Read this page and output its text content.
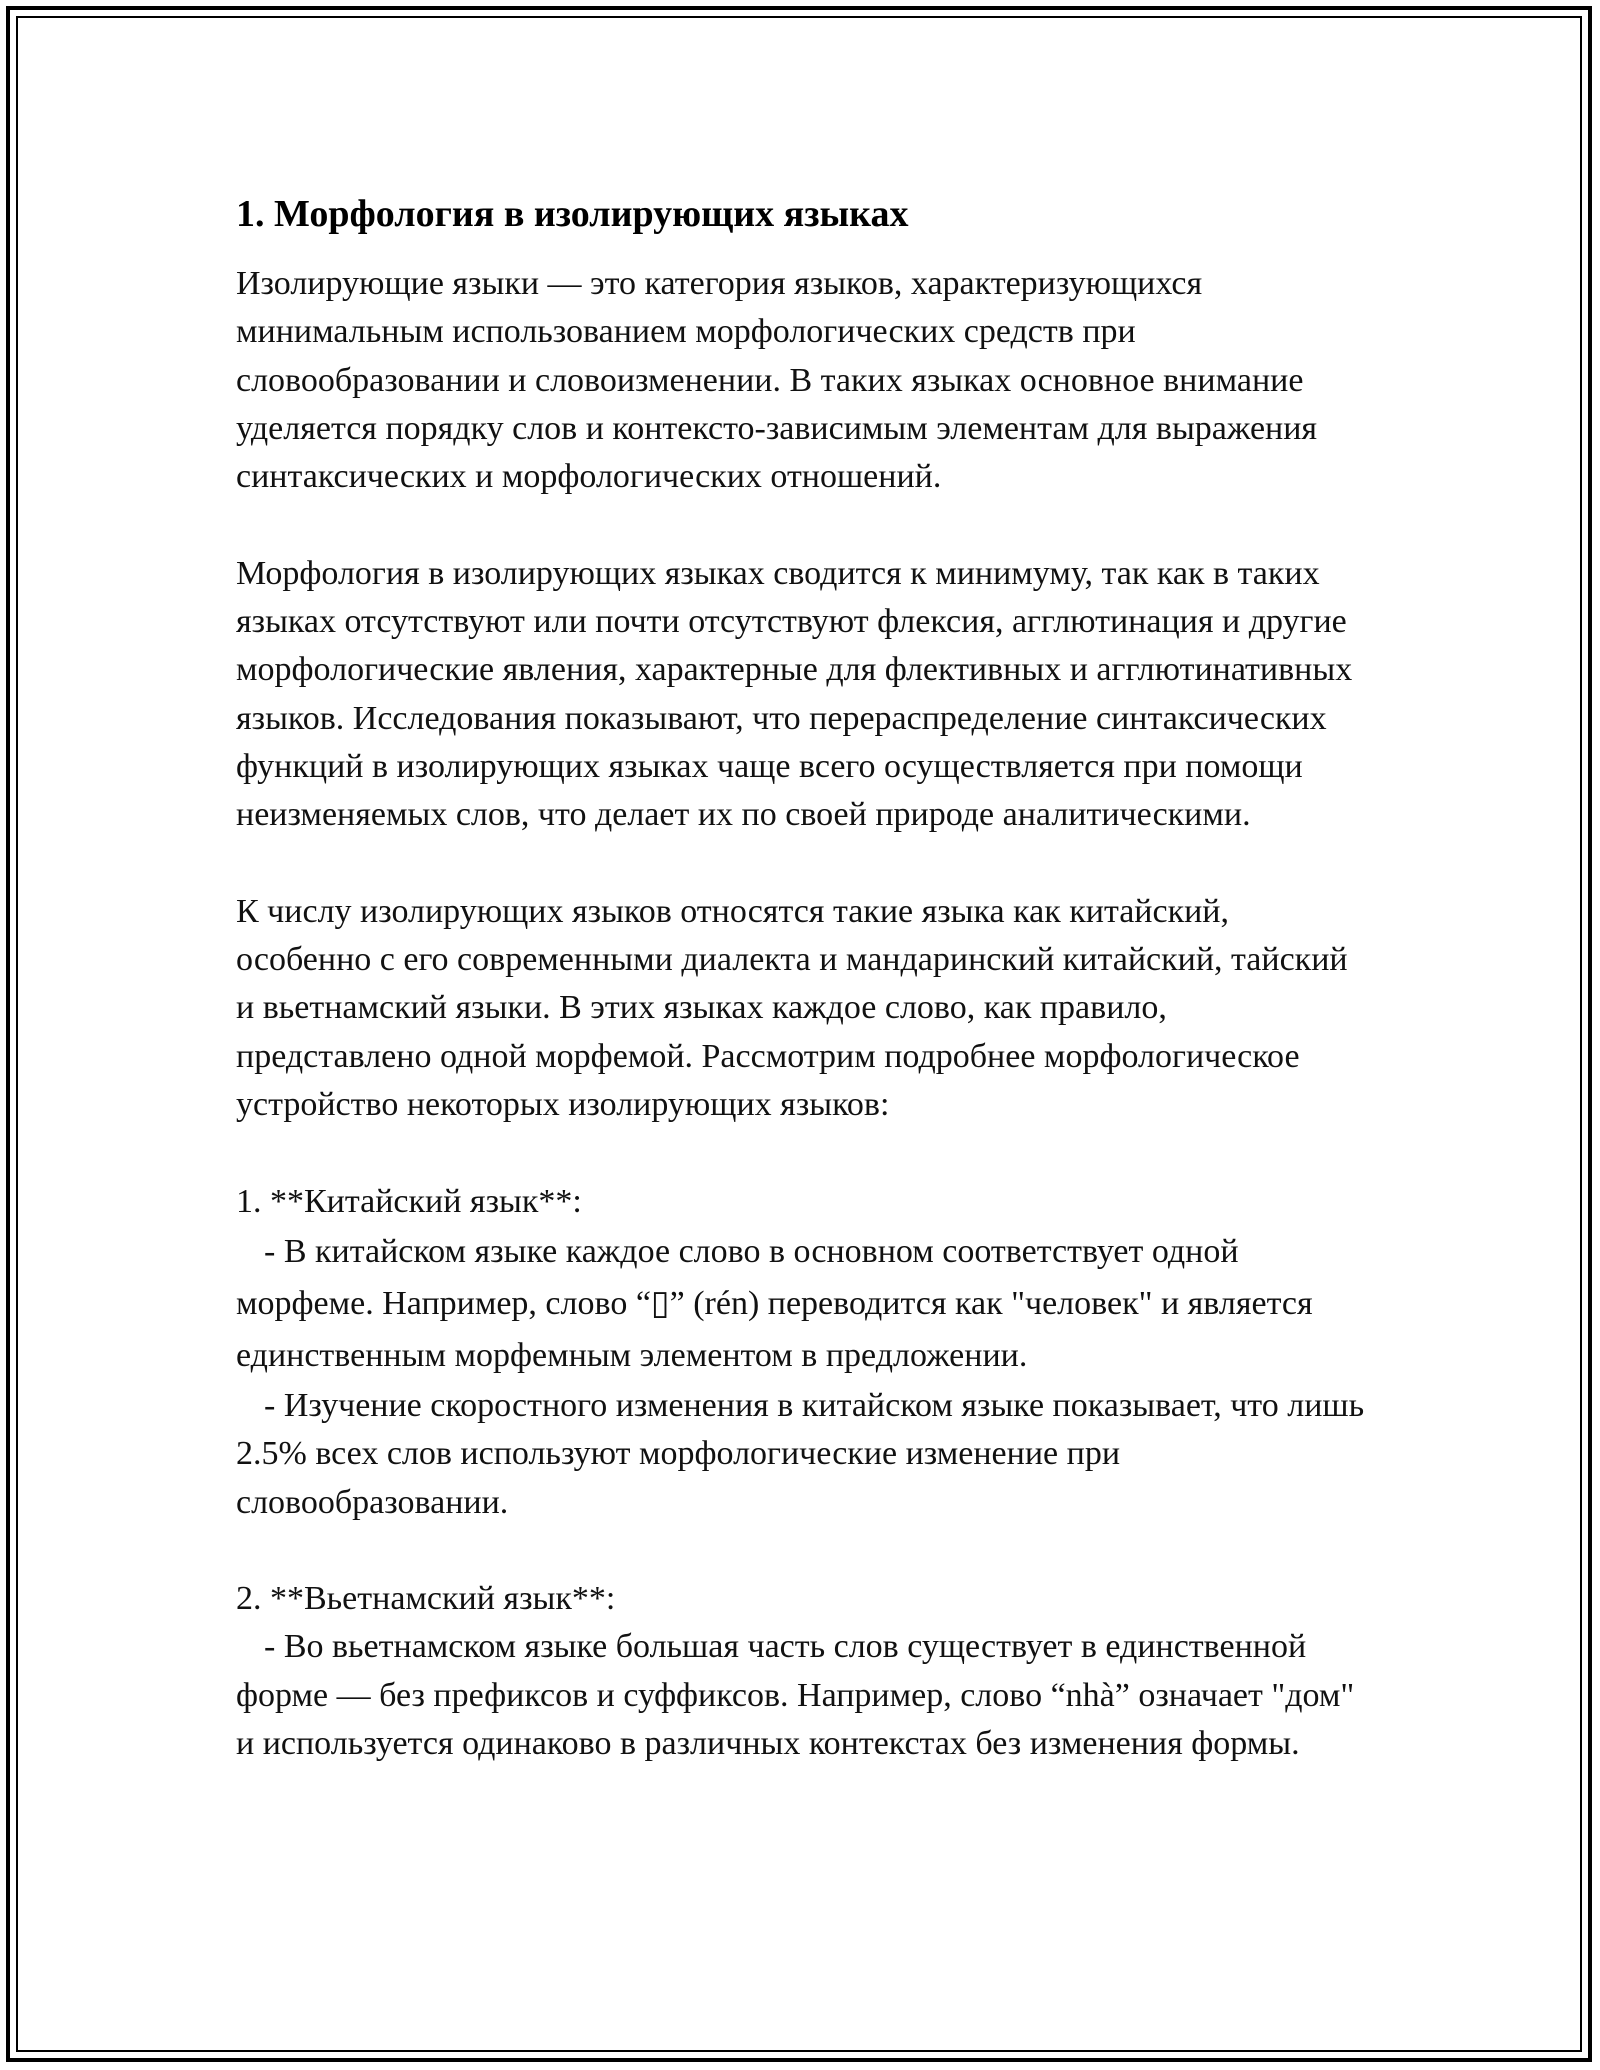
1. Морфология в изолирующих языках

Изолирующие языки — это категория языков, характеризующихся минимальным использованием морфологических средств при словообразовании и словоизменении. В таких языках основное внимание уделяется порядку слов и контексто-зависимым элементам для выражения синтаксических и морфологических отношений.

Морфология в изолирующих языках сводится к минимуму, так как в таких языках отсутствуют или почти отсутствуют флексия, агглютинация и другие морфологические явления, характерные для флективных и агглютинативных языков. Исследования показывают, что перераспределение синтаксических функций в изолирующих языках чаще всего осуществляется при помощи неизменяемых слов, что делает их по своей природе аналитическими.

К числу изолирующих языков относятся такие языка как китайский, особенно с его современными диалекта и мандаринский китайский, тайский и вьетнамский языки. В этих языках каждое слово, как правило, представлено одной морфемой. Рассмотрим подробнее морфологическое устройство некоторых изолирующих языков:

1. **Китайский язык**:

- В китайском языке каждое слово в основном соответствует одной морфеме. Например, слово “▯” (rén) переводится как "человек" и является единственным морфемным элементом в предложении.

- Изучение скоростного изменения в китайском языке показывает, что лишь 2.5% всех слов используют морфологические изменение при словообразовании.

2. **Вьетнамский язык**:

- Во вьетнамском языке большая часть слов существует в единственной форме — без префиксов и суффиксов. Например, слово “nhà” означает "дом" и используется одинаково в различных контекстах без изменения формы.
